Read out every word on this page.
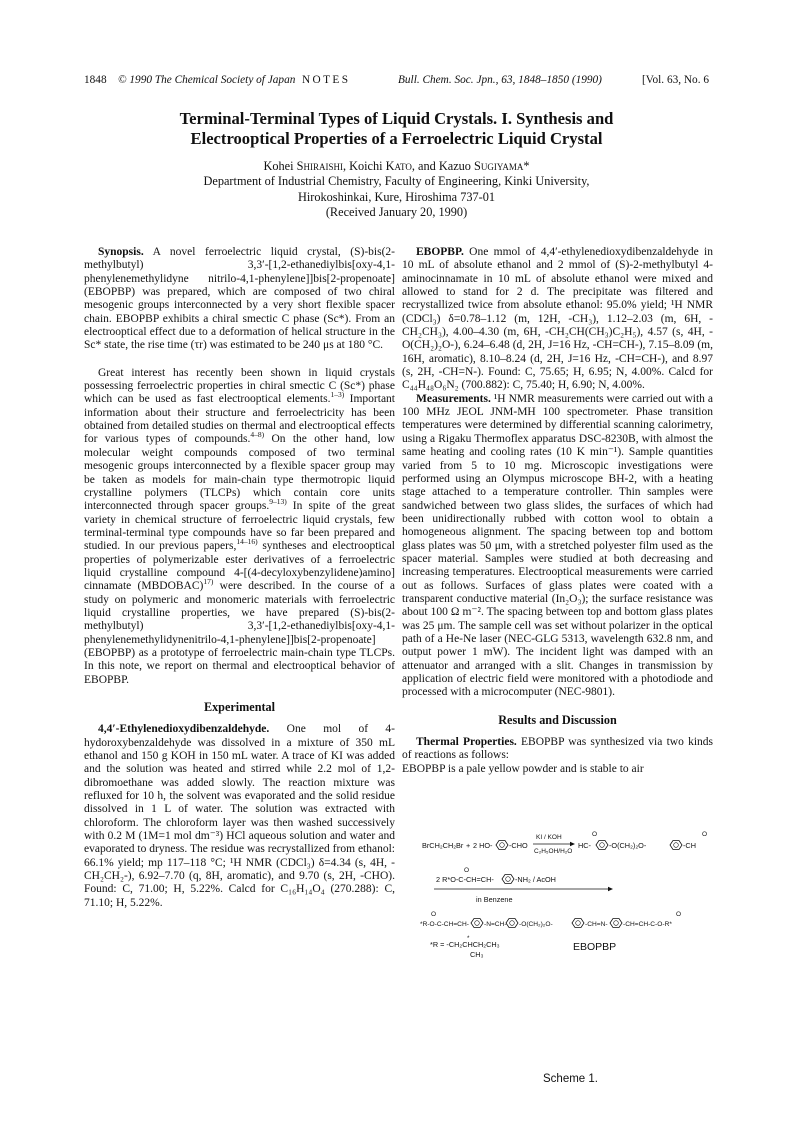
1848 © 1990 The Chemical Society of Japan NOTES	Bull. Chem. Soc. Jpn., 63, 1848–1850 (1990)	[Vol. 63, No. 6
Terminal-Terminal Types of Liquid Crystals. I. Synthesis and
Electrooptical Properties of a Ferroelectric Liquid Crystal
Kohei Shiraishi, Koichi Kato, and Kazuo Sugiyama*
Department of Industrial Chemistry, Faculty of Engineering, Kinki University,
Hirokoshinkai, Kure, Hiroshima 737-01
(Received January 20, 1990)

Synopsis. A novel ferroelectric liquid crystal, (S)-bis(2-methylbutyl) 3,3′-[1,2-ethanediylbis[oxy-4,1-phenylenemethylidyne nitrilo-4,1-phenylene]]bis[2-propenoate] (EBOPBP) was prepared, which are composed of two chiral mesogenic groups interconnected by a very short flexible spacer chain. EBOPBP exhibits a chiral smectic C phase (Sc*). From an electrooptical effect due to a deformation of helical structure in the Sc* state, the rise time (τr) was estimated to be 240 μs at 180 °C.

Great interest has recently been shown in liquid crystals possessing ferroelectric properties in chiral smectic C (Sc*) phase which can be used as fast electrooptical elements.$^{1-3)}$ Important information about their structure and ferroelectricity has been obtained from detailed studies on thermal and electrooptical effects for various types of compounds.$^{4-8)}$ On the other hand, low molecular weight compounds composed of two terminal mesogenic groups interconnected by a flexible spacer group may be taken as models for main-chain type thermotropic liquid crystalline polymers (TLCPs) which contain core units interconnected through spacer groups.$^{9-13)}$ In spite of the great variety in chemical structure of ferroelectric liquid crystals, few terminal-terminal type compounds have so far been prepared and studied. In our previous papers,$^{14-16)}$ syntheses and electrooptical properties of polymerizable ester derivatives of a ferroelectric liquid crystalline compound 4-[(4-decyloxybenzylidene)amino] cinnamate (MBDOBAC)$^{17)}$ were described. In the course of a study on polymeric and monomeric materials with ferroelectric liquid crystalline properties, we have prepared (S)-bis(2-methylbutyl) 3,3′-[1,2-ethanediylbis[oxy-4,1-phenylenemethylidynenitrilo-4,1-phenylene]]bis[2-propenoate] (EBOPBP) as a prototype of ferroelectric main-chain type TLCPs. In this note, we report on thermal and electrooptical behavior of EBOPBP.

Experimental

4,4′-Ethylenedioxydibenzaldehyde. One mol of 4-hydoroxybenzaldehyde was dissolved in a mixture of 350 mL ethanol and 150 g KOH in 150 mL water. A trace of KI was added and the solution was heated and stirred while 2.2 mol of 1,2-dibromoethane was added slowly. The reaction mixture was refluxed for 10 h, the solvent was evaporated and the solid residue dissolved in 1 L of water. The solution was extracted with chloroform. The chloroform layer was then washed successively with 0.2 M (1M=1 mol dm⁻³) HCl aqueous solution and water and evaporated to dryness. The residue was recrystallized from ethanol: 66.1% yield; mp 117–118 °C; ¹H NMR (CDCl₃) δ=4.34 (s, 4H, -CH₂CH₂-), 6.92–7.70 (q, 8H, aromatic), and 9.70 (s, 2H, -CHO). Found: C, 71.00; H, 5.22%. Calcd for C₁₆H₁₄O₄ (270.288): C, 71.10; H, 5.22%.

EBOPBP. One mmol of 4,4′-ethylenedioxydibenzaldehyde in 10 mL of absolute ethanol and 2 mmol of (S)-2-methylbutyl 4-aminocinnamate in 10 mL of absolute ethanol were mixed and allowed to stand for 2 d. The precipitate was filtered and recrystallized twice from absolute ethanol: 95.0% yield; ¹H NMR (CDCl₃) δ=0.78–1.12 (m, 12H, -CH₃), 1.12–2.03 (m, 6H, -CH₂CH₃), 4.00–4.30 (m, 6H, -CH₂CH(CH₃)C₂H₅), 4.57 (s, 4H, -O(CH₂)₂O-), 6.24–6.48 (d, 2H, J=16 Hz, -CH=CH-), 7.15–8.09 (m, 16H, aromatic), 8.10–8.24 (d, 2H, J=16 Hz, -CH=CH-), and 8.97 (s, 2H, -CH=N-). Found: C, 75.65; H, 6.95; N, 4.00%. Calcd for C₄₄H₄₈O₆N₂ (700.882): C, 75.40; H, 6.90; N, 4.00%.

Measurements. ¹H NMR measurements were carried out with a 100 MHz JEOL JNM-MH 100 spectrometer. Phase transition temperatures were determined by differential scanning calorimetry, using a Rigaku Thermoflex apparatus DSC-8230B, with almost the same heating and cooling rates (10 K min⁻¹). Sample quantities varied from 5 to 10 mg. Microscopic investigations were performed using an Olympus microscope BH-2, with a heating stage attached to a temperature controller. Thin samples were sandwiched between two glass slides, the surfaces of which had been unidirectionally rubbed with cotton wool to obtain a homogeneous alignment. The spacing between top and bottom glass plates was 50 μm, with a stretched polyester film used as the spacer material. Samples were studied at both decreasing and increasing temperatures. Electrooptical measurements were carried out as follows. Surfaces of glass plates were coated with a transparent conductive material (In₂O₃); the surface resistance was about 100 Ω m⁻². The spacing between top and bottom glass plates was 25 μm. The sample cell was set without polarizer in the optical path of a He-Ne laser (NEC-GLG 5313, wavelength 632.8 nm, and output power 1 mW). The incident light was damped with an attenuator and arranged with a slit. Changes in transmission by application of electric field were monitored with a photodiode and processed with a microcomputer (NEC-9801).

Results and Discussion

Thermal Properties. EBOPBP was synthesized via two kinds of reactions as follows:

EBOPBP is a pale yellow powder and is stable to air

BrCH₂CH₂Br + 2 HO- -CHO
KI / KOH
C₂H₅OH/H₂O
O	O
HC- -O(CH₂)₂O-	-CH
O
2 R*O-C-CH=CH-	-NH₂ / AcOH
in Benzene
O	O
*R-O-C-CH=CH- -N=CH- -O(CH₂)₂O-	-CH=N- -CH=CH-C-O-R*
*
*R = -CH₂CHCH₂CH₃
CH₃
EBOPBP
Scheme 1.
